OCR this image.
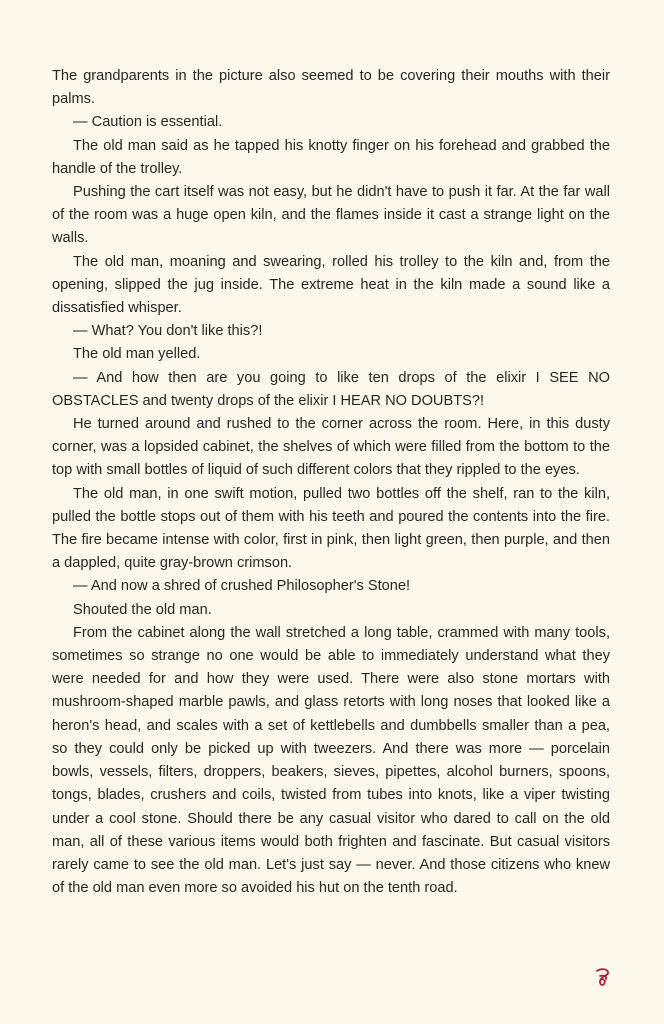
The grandparents in the picture also seemed to be covering their mouths with their palms.

— Caution is essential.

The old man said as he tapped his knotty finger on his forehead and grabbed the handle of the trolley.

Pushing the cart itself was not easy, but he didn't have to push it far. At the far wall of the room was a huge open kiln, and the flames inside it cast a strange light on the walls.

The old man, moaning and swearing, rolled his trolley to the kiln and, from the opening, slipped the jug inside. The extreme heat in the kiln made a sound like a dissatisfied whisper.

— What? You don't like this?!

The old man yelled.

— And how then are you going to like ten drops of the elixir I SEE NO OBSTACLES and twenty drops of the elixir I HEAR NO DOUBTS?!

He turned around and rushed to the corner across the room. Here, in this dusty corner, was a lopsided cabinet, the shelves of which were filled from the bottom to the top with small bottles of liquid of such different colors that they rippled to the eyes.

The old man, in one swift motion, pulled two bottles off the shelf, ran to the kiln, pulled the bottle stops out of them with his teeth and poured the contents into the fire. The fire became intense with color, first in pink, then light green, then purple, and then a dappled, quite gray-brown crimson.

— And now a shred of crushed Philosopher's Stone!

Shouted the old man.

From the cabinet along the wall stretched a long table, crammed with many tools, sometimes so strange no one would be able to immediately understand what they were needed for and how they were used. There were also stone mortars with mushroom-shaped marble pawls, and glass retorts with long noses that looked like a heron's head, and scales with a set of kettlebells and dumbbells smaller than a pea, so they could only be picked up with tweezers. And there was more — porcelain bowls, vessels, filters, droppers, beakers, sieves, pipettes, alcohol burners, spoons, tongs, blades, crushers and coils, twisted from tubes into knots, like a viper twisting under a cool stone. Should there be any casual visitor who dared to call on the old man, all of these various items would both frighten and fascinate. But casual visitors rarely came to see the old man. Let's just say — never. And those citizens who knew of the old man even more so avoided his hut on the tenth road.
